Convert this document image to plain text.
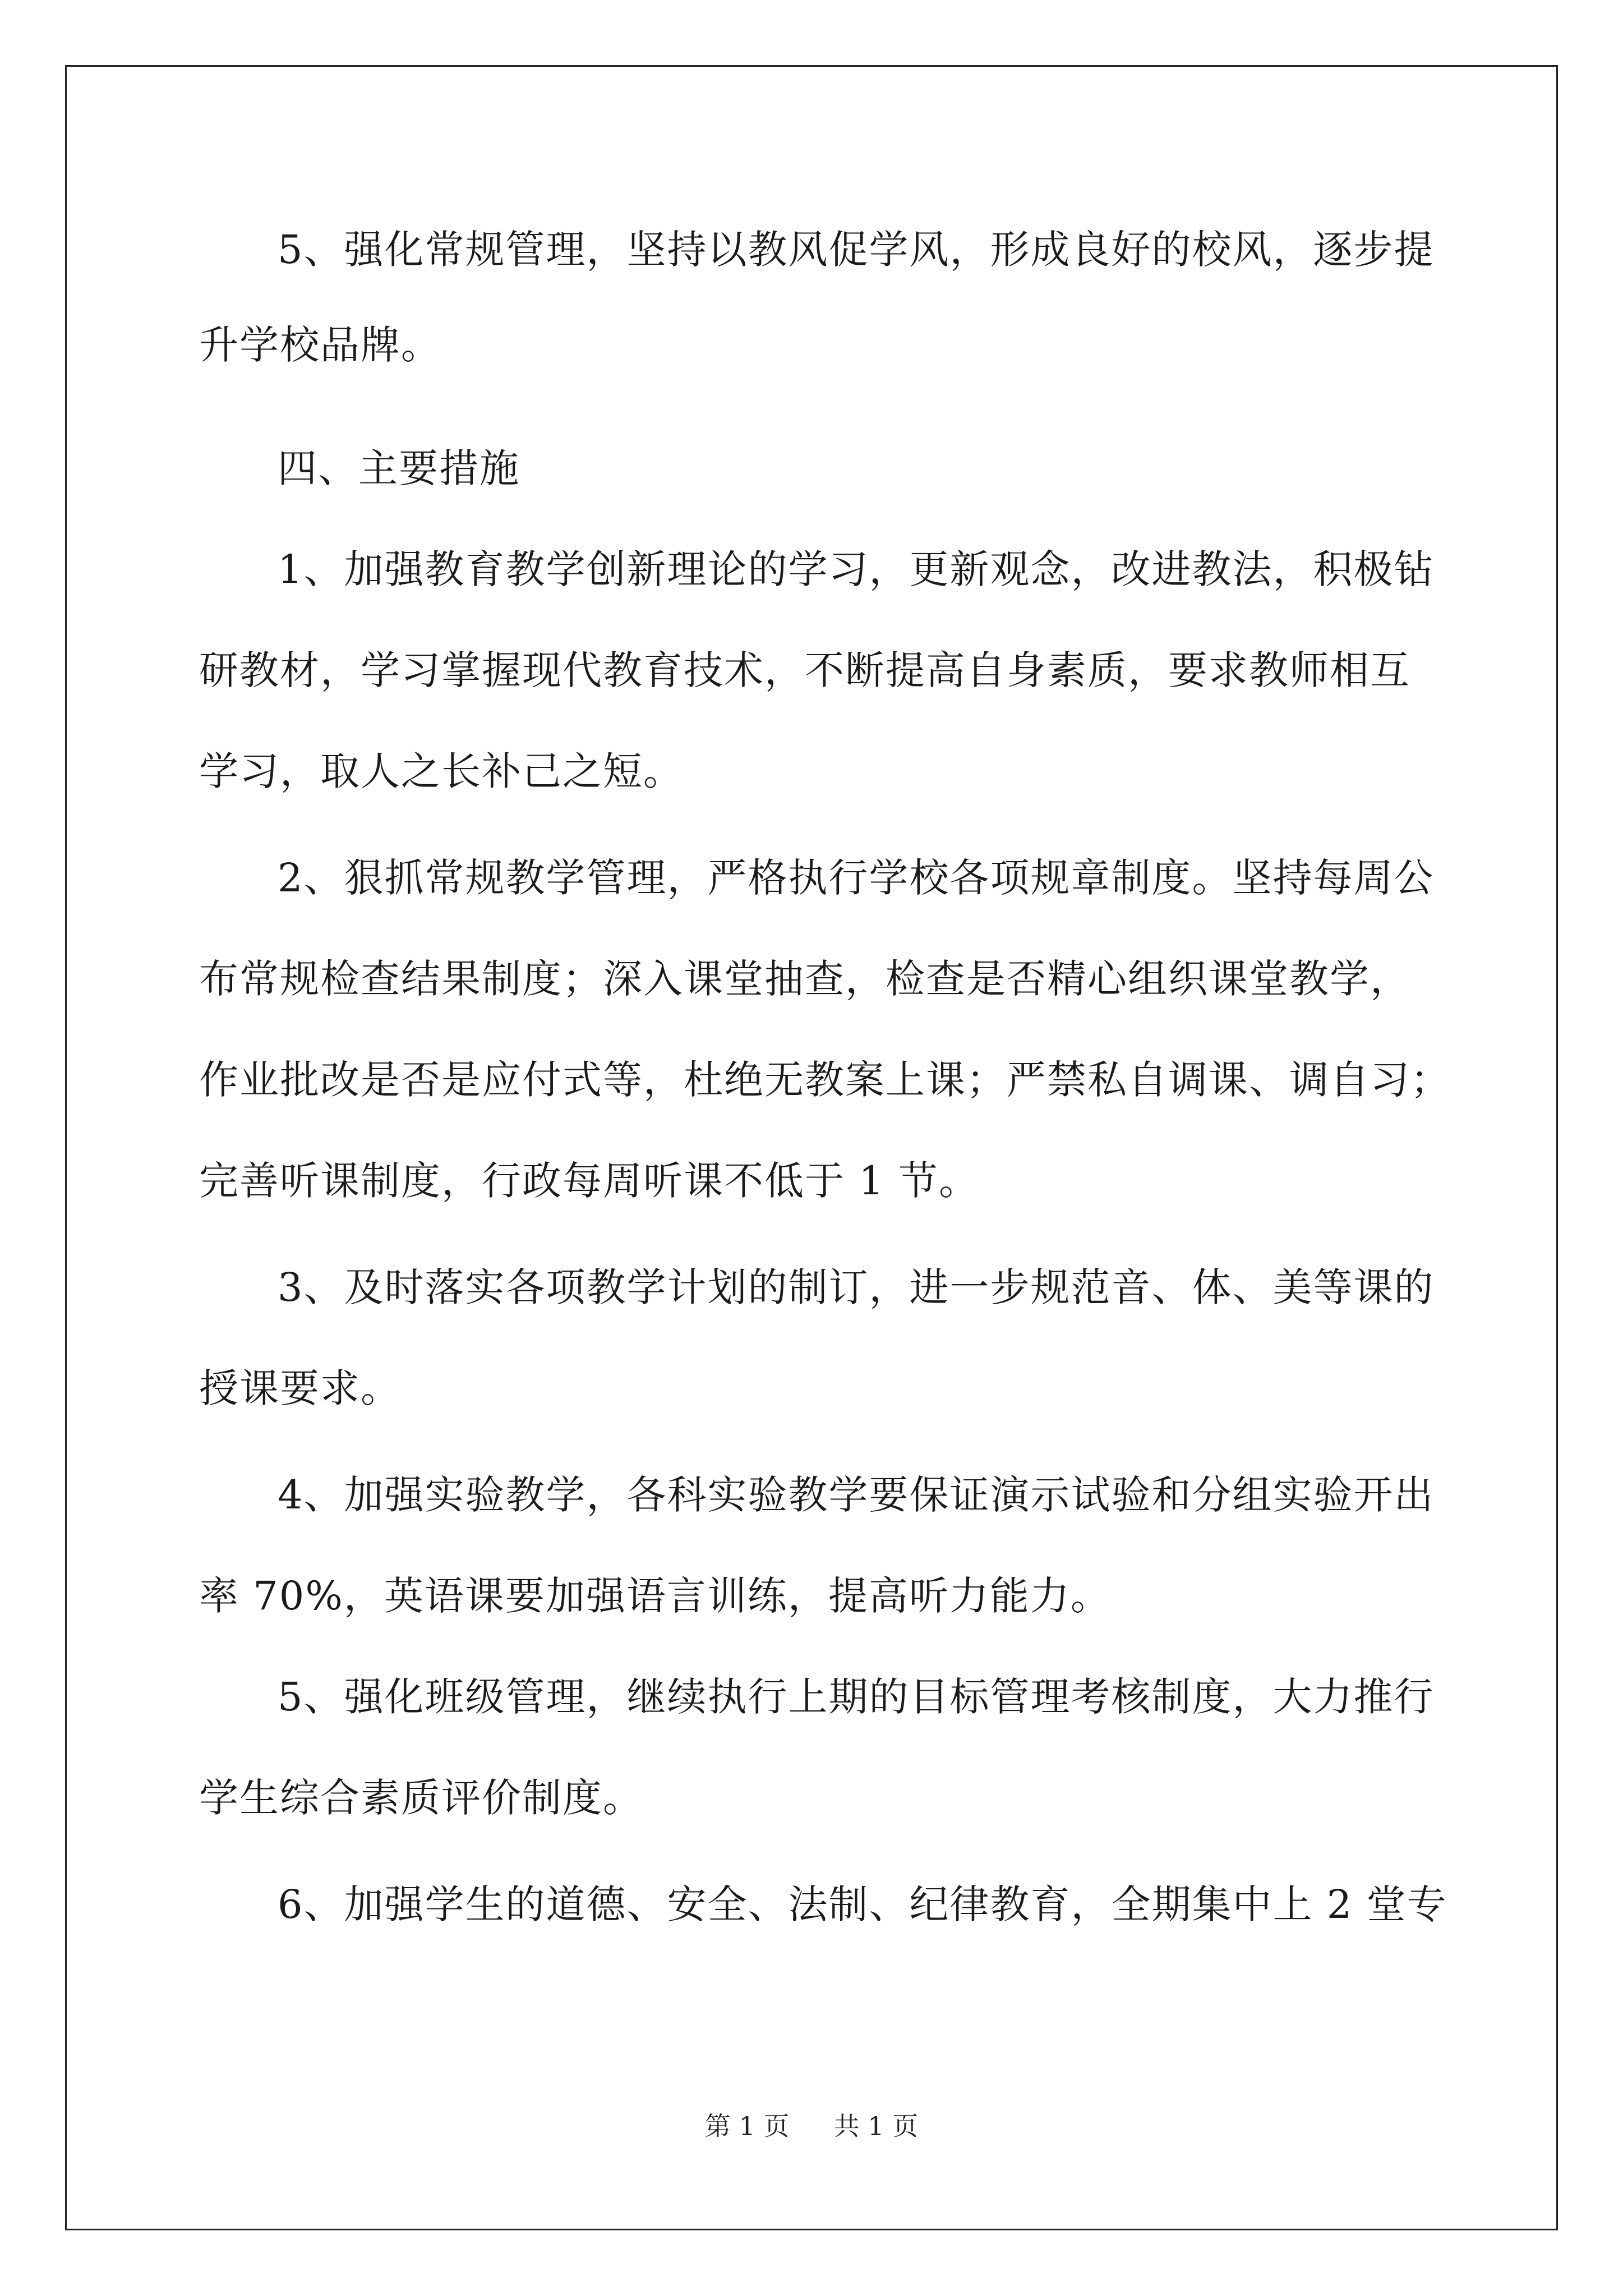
5、强化常规管理，坚持以教风促学风，形成良好的校风，逐步提
升学校品牌。
四、主要措施
1、加强教育教学创新理论的学习，更新观念，改进教法，积极钻
研教材，学习掌握现代教育技术，不断提高自身素质，要求教师相互
学习，取人之长补己之短。
2、狠抓常规教学管理，严格执行学校各项规章制度。坚持每周公
布常规检查结果制度；深入课堂抽查，检查是否精心组织课堂教学，
作业批改是否是应付式等，杜绝无教案上课；严禁私自调课、调自习；
完善听课制度，行政每周听课不低于 1 节。
3、及时落实各项教学计划的制订，进一步规范音、体、美等课的
授课要求。
4、加强实验教学，各科实验教学要保证演示试验和分组实验开出
率 70%，英语课要加强语言训练，提高听力能力。
5、强化班级管理，继续执行上期的目标管理考核制度，大力推行
学生综合素质评价制度。
6、加强学生的道德、安全、法制、纪律教育，全期集中上 2 堂专
第 1 页 共 1 页
